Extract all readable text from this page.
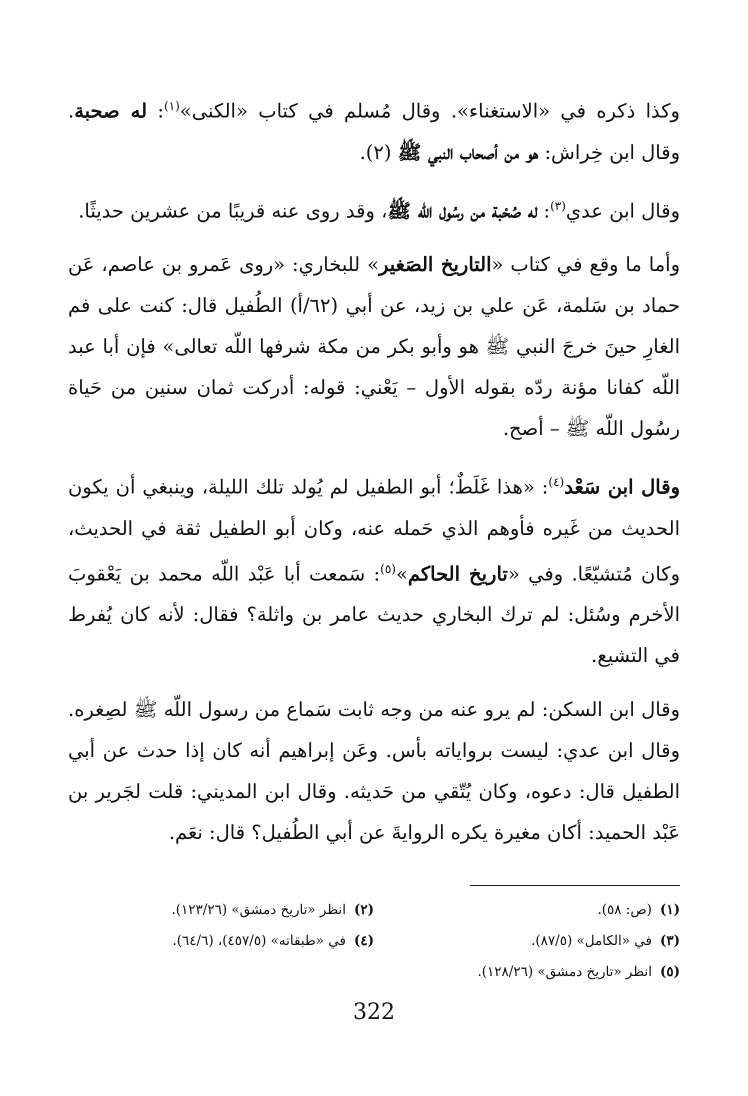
وكذا ذكره في «الاستغناء». وقال مُسلم في كتاب «الكنى»$^{(١)}$: له صحبة. وقال ابن خِراش: هو من أصحاب النبي ﷺ (٢).

وقال ابن عدي$^{(٣)}$: له صُحْبة من رسُول اللّه ﷺ، وقد روى عنه قريبًا من عشرين حديثًا.

وأما ما وقع في كتاب «التاريخ الصَغير» للبخاري: «روى عَمرو بن عاصم، عَن حماد بن سَلمة، عَن علي بن زيد، عن أبي (٦٢/أ) الطُفيل قال: كنت على فم الغارِ حينَ خرجَ النبي ﷺ هو وأبو بكر من مكة شرفها اللّه تعالى» فإن أبا عبد اللّه كفانا مؤنة ردّه بقوله الأول – يَعْني: قوله: أدركت ثمان سنين من حَياة رسُول اللّه ﷺ – أصح.

وقال ابن سَعْد$^{(٤)}$: «هذا غَلَطٌ؛ أبو الطفيل لم يُولد تلك الليلة، وينبغي أن يكون الحديث من غَيره فأوهم الذي حَمله عنه، وكان أبو الطفيل ثقة في الحديث، وكان مُتشيّعًا. وفي «تاريخ الحاكم»$^{(٥)}$: سَمعت أبا عَبْد اللّه محمد بن يَعْقوبَ الأخرم وسُئل: لم ترك البخاري حديث عامر بن واثلة؟ فقال: لأنه كان يُفرط في التشيع.

وقال ابن السكن: لم يرو عنه من وجه ثابت سَماع من رسول اللّه ﷺ لصِغره. وقال ابن عدي: ليست برواياته بأس. وعَن إبراهيم أنه كان إذا حدث عن أبي الطفيل قال: دعوه، وكان يُتّقي من حَديثه. وقال ابن المديني: قلت لجَرير بن عَبْد الحميد: أكان مغيرة يكره الروايةَ عن أبي الطُفيل؟ قال: نعَم.

(١)(ص: ٥٨).
(٢)انظر «تاريخ دمشق» (١٢٣/٢٦).
(٣)في «الكامل» (٨٧/٥).
(٤)في «طبقاته» (٤٥٧/٥)، (٦٤/٦).
(٥)انظر «تاريخ دمشق» (١٢٨/٢٦).
322
